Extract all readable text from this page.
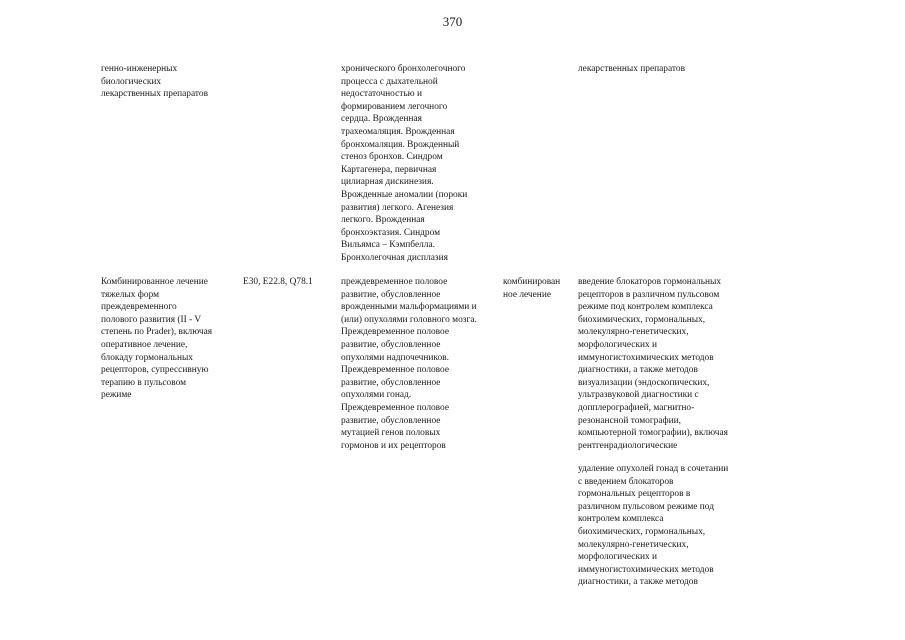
370
генно-инженерных
биологических
лекарственных препаратов
хронического бронхолегочного
процесса с дыхательной
недостаточностью и
формированием легочного
сердца. Врожденная
трахеомаляция. Врожденная
бронхомаляция. Врожденный
стеноз бронхов. Синдром
Картагенера, первичная
цилиарная дискинезия.
Врожденные аномалии (пороки
развития) легкого. Агенезия
легкого. Врожденная
бронхоэктазия. Синдром
Вильямса – Кэмпбелла.
Бронхолегочная дисплазия
лекарственных препаратов
Комбинированное лечение
тяжелых форм
преждевременного
полового развития (II - V
степень по Prader), включая
оперативное лечение,
блокаду гормональных
рецепторов, супрессивную
терапию в пульсовом
режиме
E30, E22.8, Q78.1	преждевременное половое
развитие, обусловленное
врожденными мальформациями и
(или) опухолями головного мозга.
Преждевременное половое
развитие, обусловленное
опухолями надпочечников.
Преждевременное половое
развитие, обусловленное
опухолями гонад.
Преждевременное половое
развитие, обусловленное
мутацией генов половых
гормонов и их рецепторов
комбинирован
ное лечение
введение блокаторов гормональных
рецепторов в различном пульсовом
режиме под контролем комплекса
биохимических, гормональных,
молекулярно-генетических,
морфологических и
иммуногистохимических методов
диагностики, а также методов
визуализации (эндоскопических,
ультразвуковой диагностики с
допплерографией, магнитно-
резонансной томографии,
компьютерной томографии), включая
рентгенрадиологические
удаление опухолей гонад в сочетании
с введением блокаторов
гормональных рецепторов в
различном пульсовом режиме под
контролем комплекса
биохимических, гормональных,
молекулярно-генетических,
морфологических и
иммуногистохимических методов
диагностики, а также методов
